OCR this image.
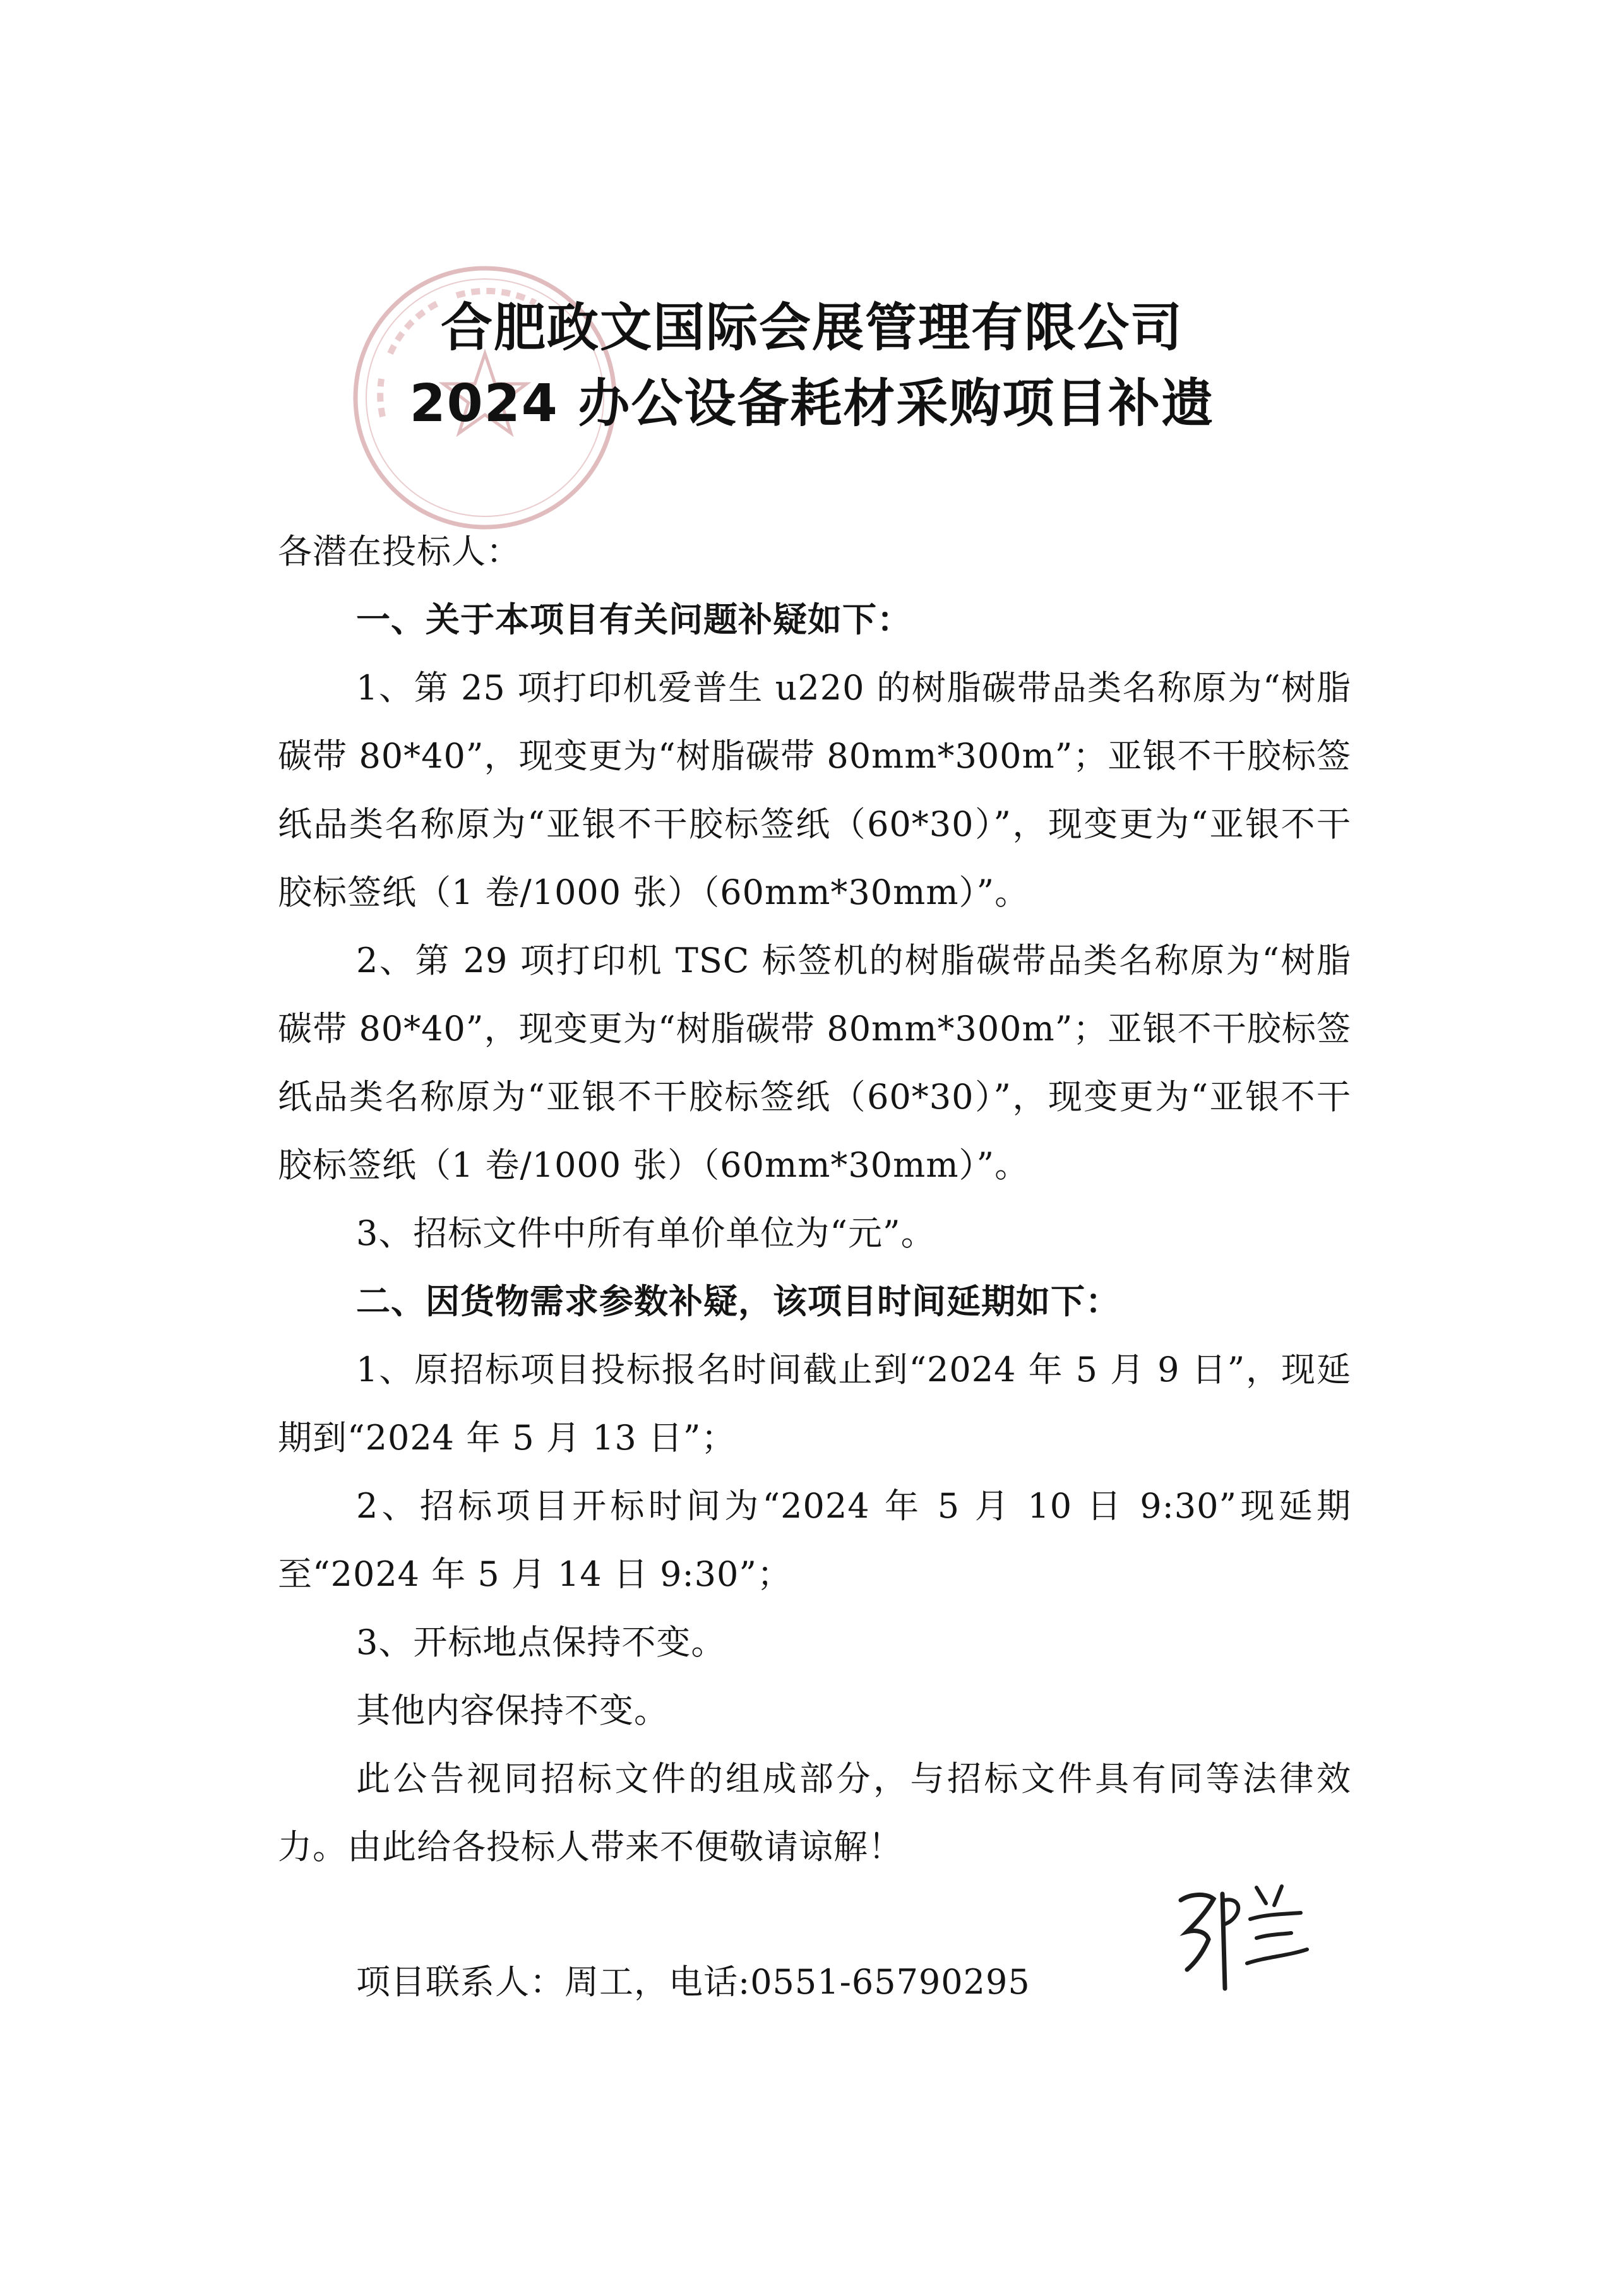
合肥政文国际会展管理有限公司
2024 办公设备耗材采购项目补遗

各潜在投标人：

一、关于本项目有关问题补疑如下：

1、第 25 项打印机爱普生 u220 的树脂碳带品类名称原为“树脂碳带 80*40”，现变更为“树脂碳带 80mm*300m”；亚银不干胶标签纸品类名称原为“亚银不干胶标签纸（60*30）”，现变更为“亚银不干胶标签纸（1 卷/1000 张）（60mm*30mm）”。

2、第 29 项打印机 TSC 标签机的树脂碳带品类名称原为“树脂碳带 80*40”，现变更为“树脂碳带 80mm*300m”；亚银不干胶标签纸品类名称原为“亚银不干胶标签纸（60*30）”，现变更为“亚银不干胶标签纸（1 卷/1000 张）（60mm*30mm）”。

3、招标文件中所有单价单位为“元”。

二、因货物需求参数补疑，该项目时间延期如下：

1、原招标项目投标报名时间截止到“2024 年 5 月 9 日”，现延期到“2024 年 5 月 13 日”；

2、招标项目开标时间为“2024 年 5 月 10 日 9:30”现延期至“2024 年 5 月 14 日 9:30”；

3、开标地点保持不变。

其他内容保持不变。

此公告视同招标文件的组成部分，与招标文件具有同等法律效力。由此给各投标人带来不便敬请谅解！

项目联系人：周工，电话:0551-65790295
